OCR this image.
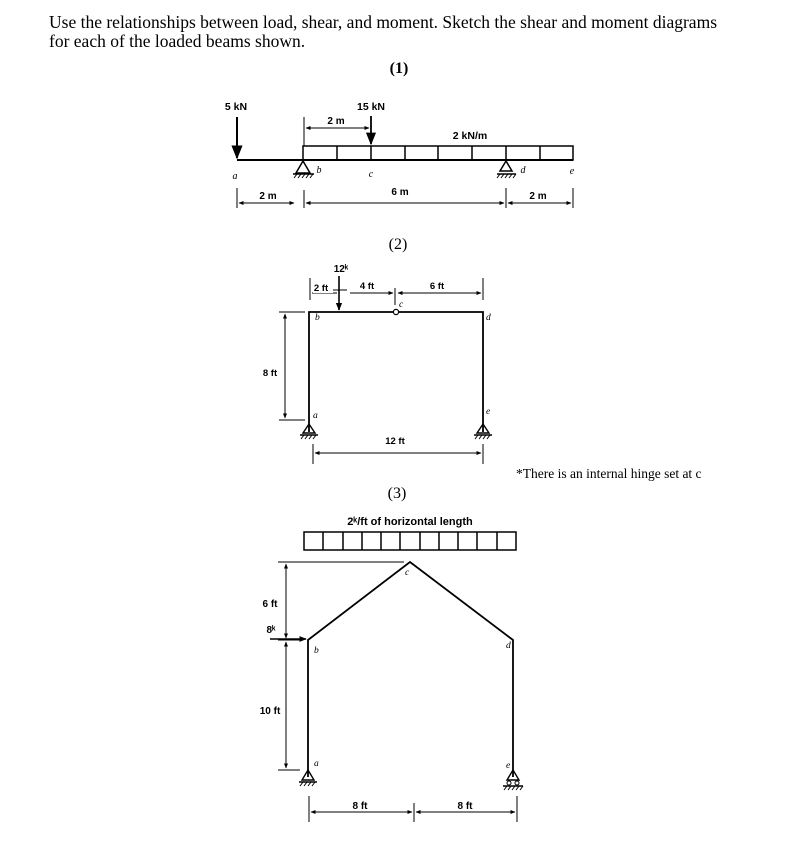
Use the relationships between load, shear, and moment. Sketch the shear and moment diagrams
for each of the loaded beams shown.
(1)
2 kN/m
5 kN	15 kN
2 m
a
b	c	d	e
2 m	6 m	2 m
(2)
12ᵏ
2 ft	4 ft	6 ft
8 ft
a
b
c
d
e
12 ft
*There is an internal hinge set at c
(3)
2ᵏ/ft of horizontal length
6 ft
10 ft
8ᵏ
a
b
c
d
e
8 ft	8 ft
